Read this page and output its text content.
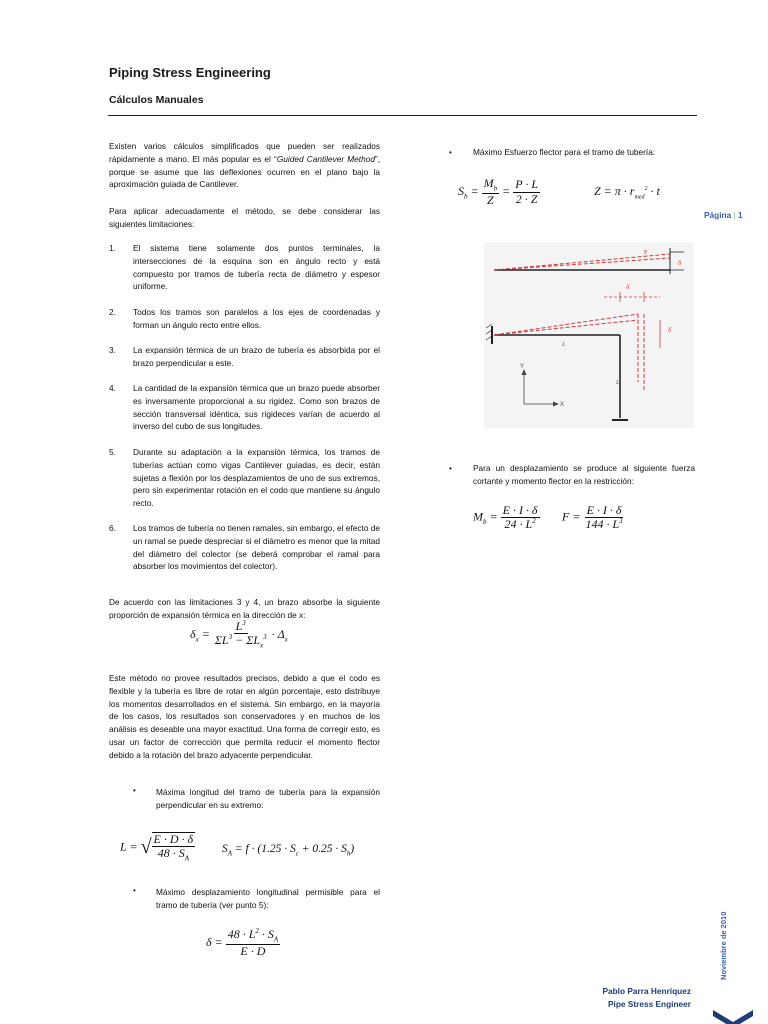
Piping Stress Engineering
Cálculos Manuales
Existen varios cálculos simplificados que pueden ser realizados rápidamente a mano. El más popular es el “Guided Cantilever Method”, porque se asume que las deflexiones ocurren en el plano bajo la aproximación guiada de Cantilever.
Para aplicar adecuadamente el método, se debe considerar las siguientes limitaciones:
1.	El sistema tiene solamente dos puntos terminales, la intersecciones de la esquina son en ángulo recto y está compuesto por tramos de tubería recta de diámetro y espesor uniforme.
2.	Todos los tramos son paralelos a los ejes de coordenadas y forman un ángulo recto entre ellos.
3.	La expansión térmica de un brazo de tubería es absorbida por el brazo perpendicular a este.
4.	La cantidad de la expansión térmica que un brazo puede absorber es inversamente proporcional a su rigidez. Como son brazos de sección transversal idéntica, sus rigideces varían de acuerdo al inverso del cubo de sus longitudes.
5.	Durante su adaptación a la expansión térmica, los tramos de tuberías actúan como vigas Cantilever guiadas, es decir, están sujetas a flexión por los desplazamientos de uno de sus extremos, pero sin experimentar rotación en el codo que mantiene su ángulo recto.
6.	Los tramos de tubería no tienen ramales, sin embargo, el efecto de un ramal se puede despreciar si el diámetro es menor que la mitad del diámetro del colector (se deberá comprobar el ramal para absorber los movimientos del colector).
De acuerdo con las limitaciones 3 y 4, un brazo absorbe la siguiente proporción de expansión térmica en la dirección de x:
$\delta_x = \frac{L^3}{\Sigma L^3 - \Sigma L_x^3} \cdot \Delta_x$
Este método no provee resultados precisos, debido a que el codo es flexible y la tubería es libre de rotar en algún porcentaje, esto distribuye los momentos desarrollados en el sistema. Sin embargo, en la mayoría de los casos, los resultados son conservadores y en muchos de los análisis es deseable una mayor exactitud. Una forma de corregir esto, es usar un factor de corrección que permita reducir el momento flector debido a la rotación del brazo adyacente perpendicular.
• Máxima longitud del tramo de tubería para la expansión perpendicular en su extremo:
L = √ $\frac{E \cdot D \cdot \delta}{48 \cdot S_A} S_A = f \cdot (1.25 \cdot S_c + 0.25 \cdot S_h)$
• Máximo desplazamiento longitudinal permisible para el tramo de tubería (ver punto 5):
$\delta = \frac{48 \cdot L^2 \cdot S_A}{E \cdot D}$
•	Máximo Esfuerzo flector para el tramo de tubería:
$S_b = \frac{M_b}{Z} = \frac{P \cdot L}{2 \cdot Z}$	$Z = \pi \cdot r_{med}^2 \cdot t$
Página | 1
δ
P
δ
δ
L
L
Y
X
•	Para un desplazamiento se produce al siguiente fuerza cortante y momento flector en la restricción:
$M_b = \frac{E \cdot I \cdot \delta}{24 \cdot L^2}$ $F = \frac{E \cdot I \cdot \delta}{144 \cdot L^3}$
Noviembre de 2010
Pablo Parra Henríquez
Pipe Stress Engineer
